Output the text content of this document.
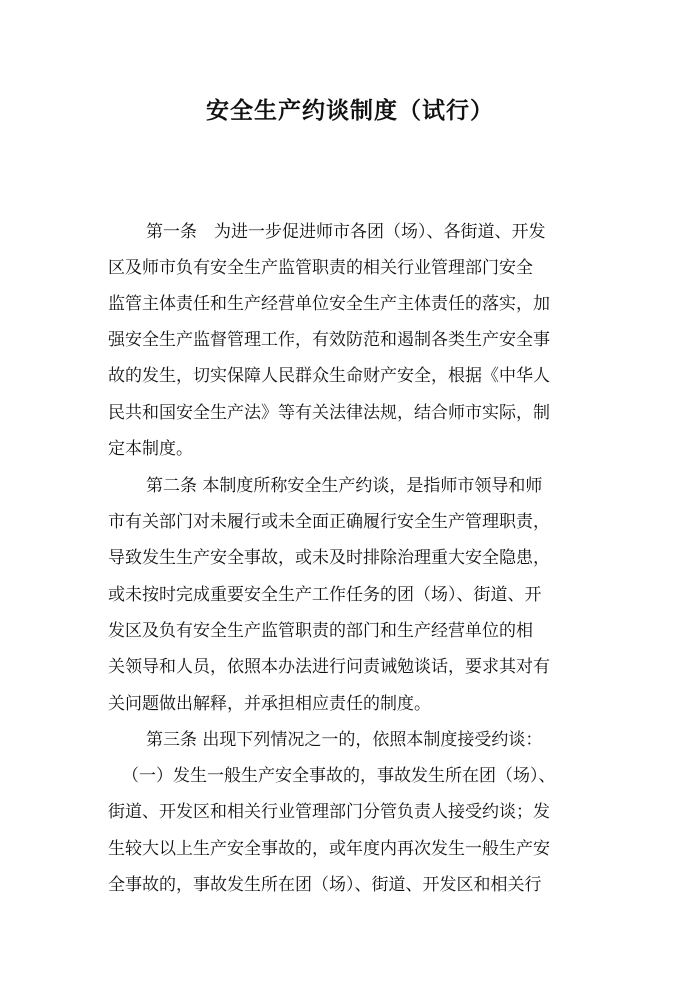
安全生产约谈制度（试行）
第一条　为进一步促进师市各团（场）、各街道、开发
区及师市负有安全生产监管职责的相关行业管理部门安全
监管主体责任和生产经营单位安全生产主体责任的落实，加
强安全生产监督管理工作，有效防范和遏制各类生产安全事
故的发生，切实保障人民群众生命财产安全，根据《中华人
民共和国安全生产法》等有关法律法规，结合师市实际，制
定本制度。
第二条 本制度所称安全生产约谈，是指师市领导和师
市有关部门对未履行或未全面正确履行安全生产管理职责，
导致发生生产安全事故，或未及时排除治理重大安全隐患，
或未按时完成重要安全生产工作任务的团（场）、街道、开
发区及负有安全生产监管职责的部门和生产经营单位的相
关领导和人员，依照本办法进行问责诫勉谈话，要求其对有
关问题做出解释，并承担相应责任的制度。
第三条 出现下列情况之一的，依照本制度接受约谈：
（一）发生一般生产安全事故的，事故发生所在团（场）、
街道、开发区和相关行业管理部门分管负责人接受约谈；发
生较大以上生产安全事故的，或年度内再次发生一般生产安
全事故的，事故发生所在团（场）、街道、开发区和相关行
